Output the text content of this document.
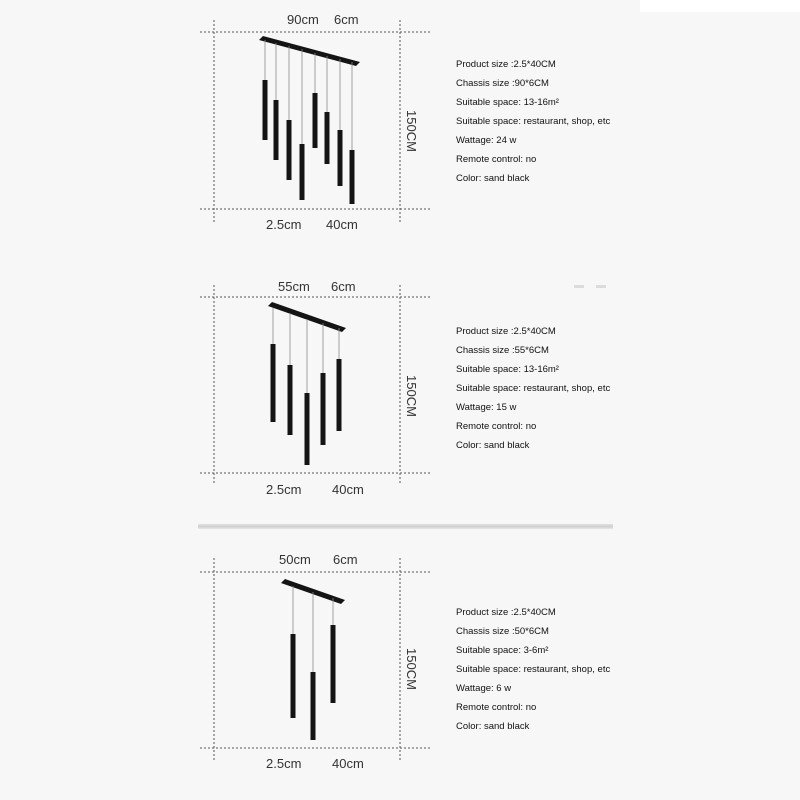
90cm 6cm
150CM
2.5cm 40cm
Product size :2.5*40CM
Chassis size :90*6CM
Suitable space: 13-16m²
Suitable space: restaurant, shop, etc
Wattage: 24 w
Remote control: no
Color: sand black
55cm 6cm
150CM
2.5cm 40cm
Product size :2.5*40CM
Chassis size :55*6CM
Suitable space: 13-16m²
Suitable space: restaurant, shop, etc
Wattage: 15 w
Remote control: no
Color: sand black
50cm 6cm
150CM
2.5cm 40cm
Product size :2.5*40CM
Chassis size :50*6CM
Suitable space: 3-6m²
Suitable space: restaurant, shop, etc
Wattage: 6 w
Remote control: no
Color: sand black
